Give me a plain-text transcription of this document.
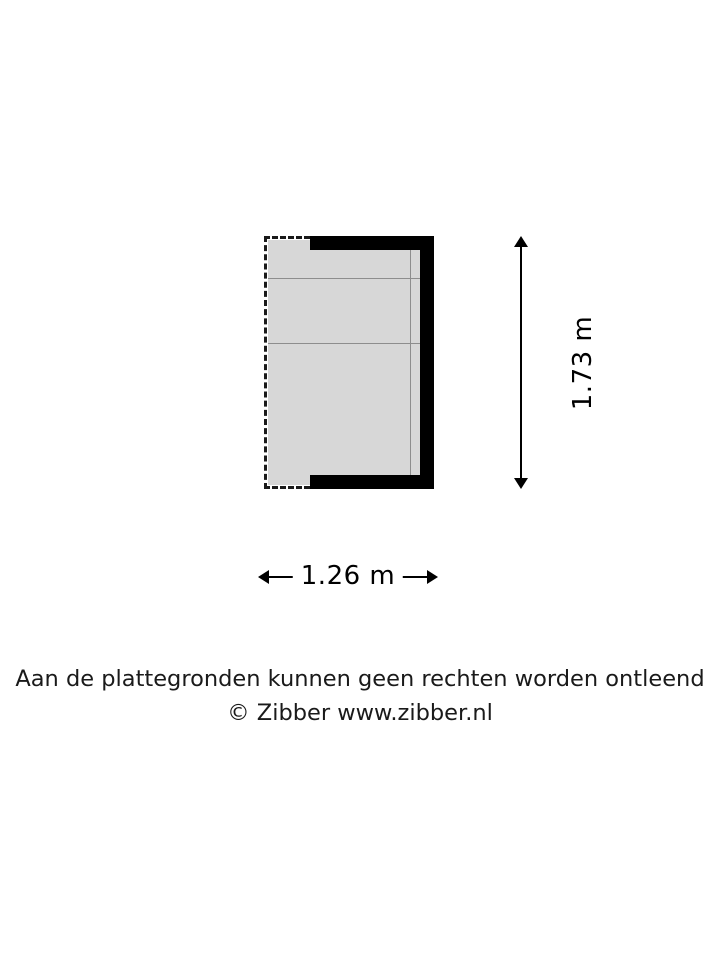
1.73 m
1.26 m
Aan de plattegronden kunnen geen rechten worden ontleend
© Zibber www.zibber.nl
